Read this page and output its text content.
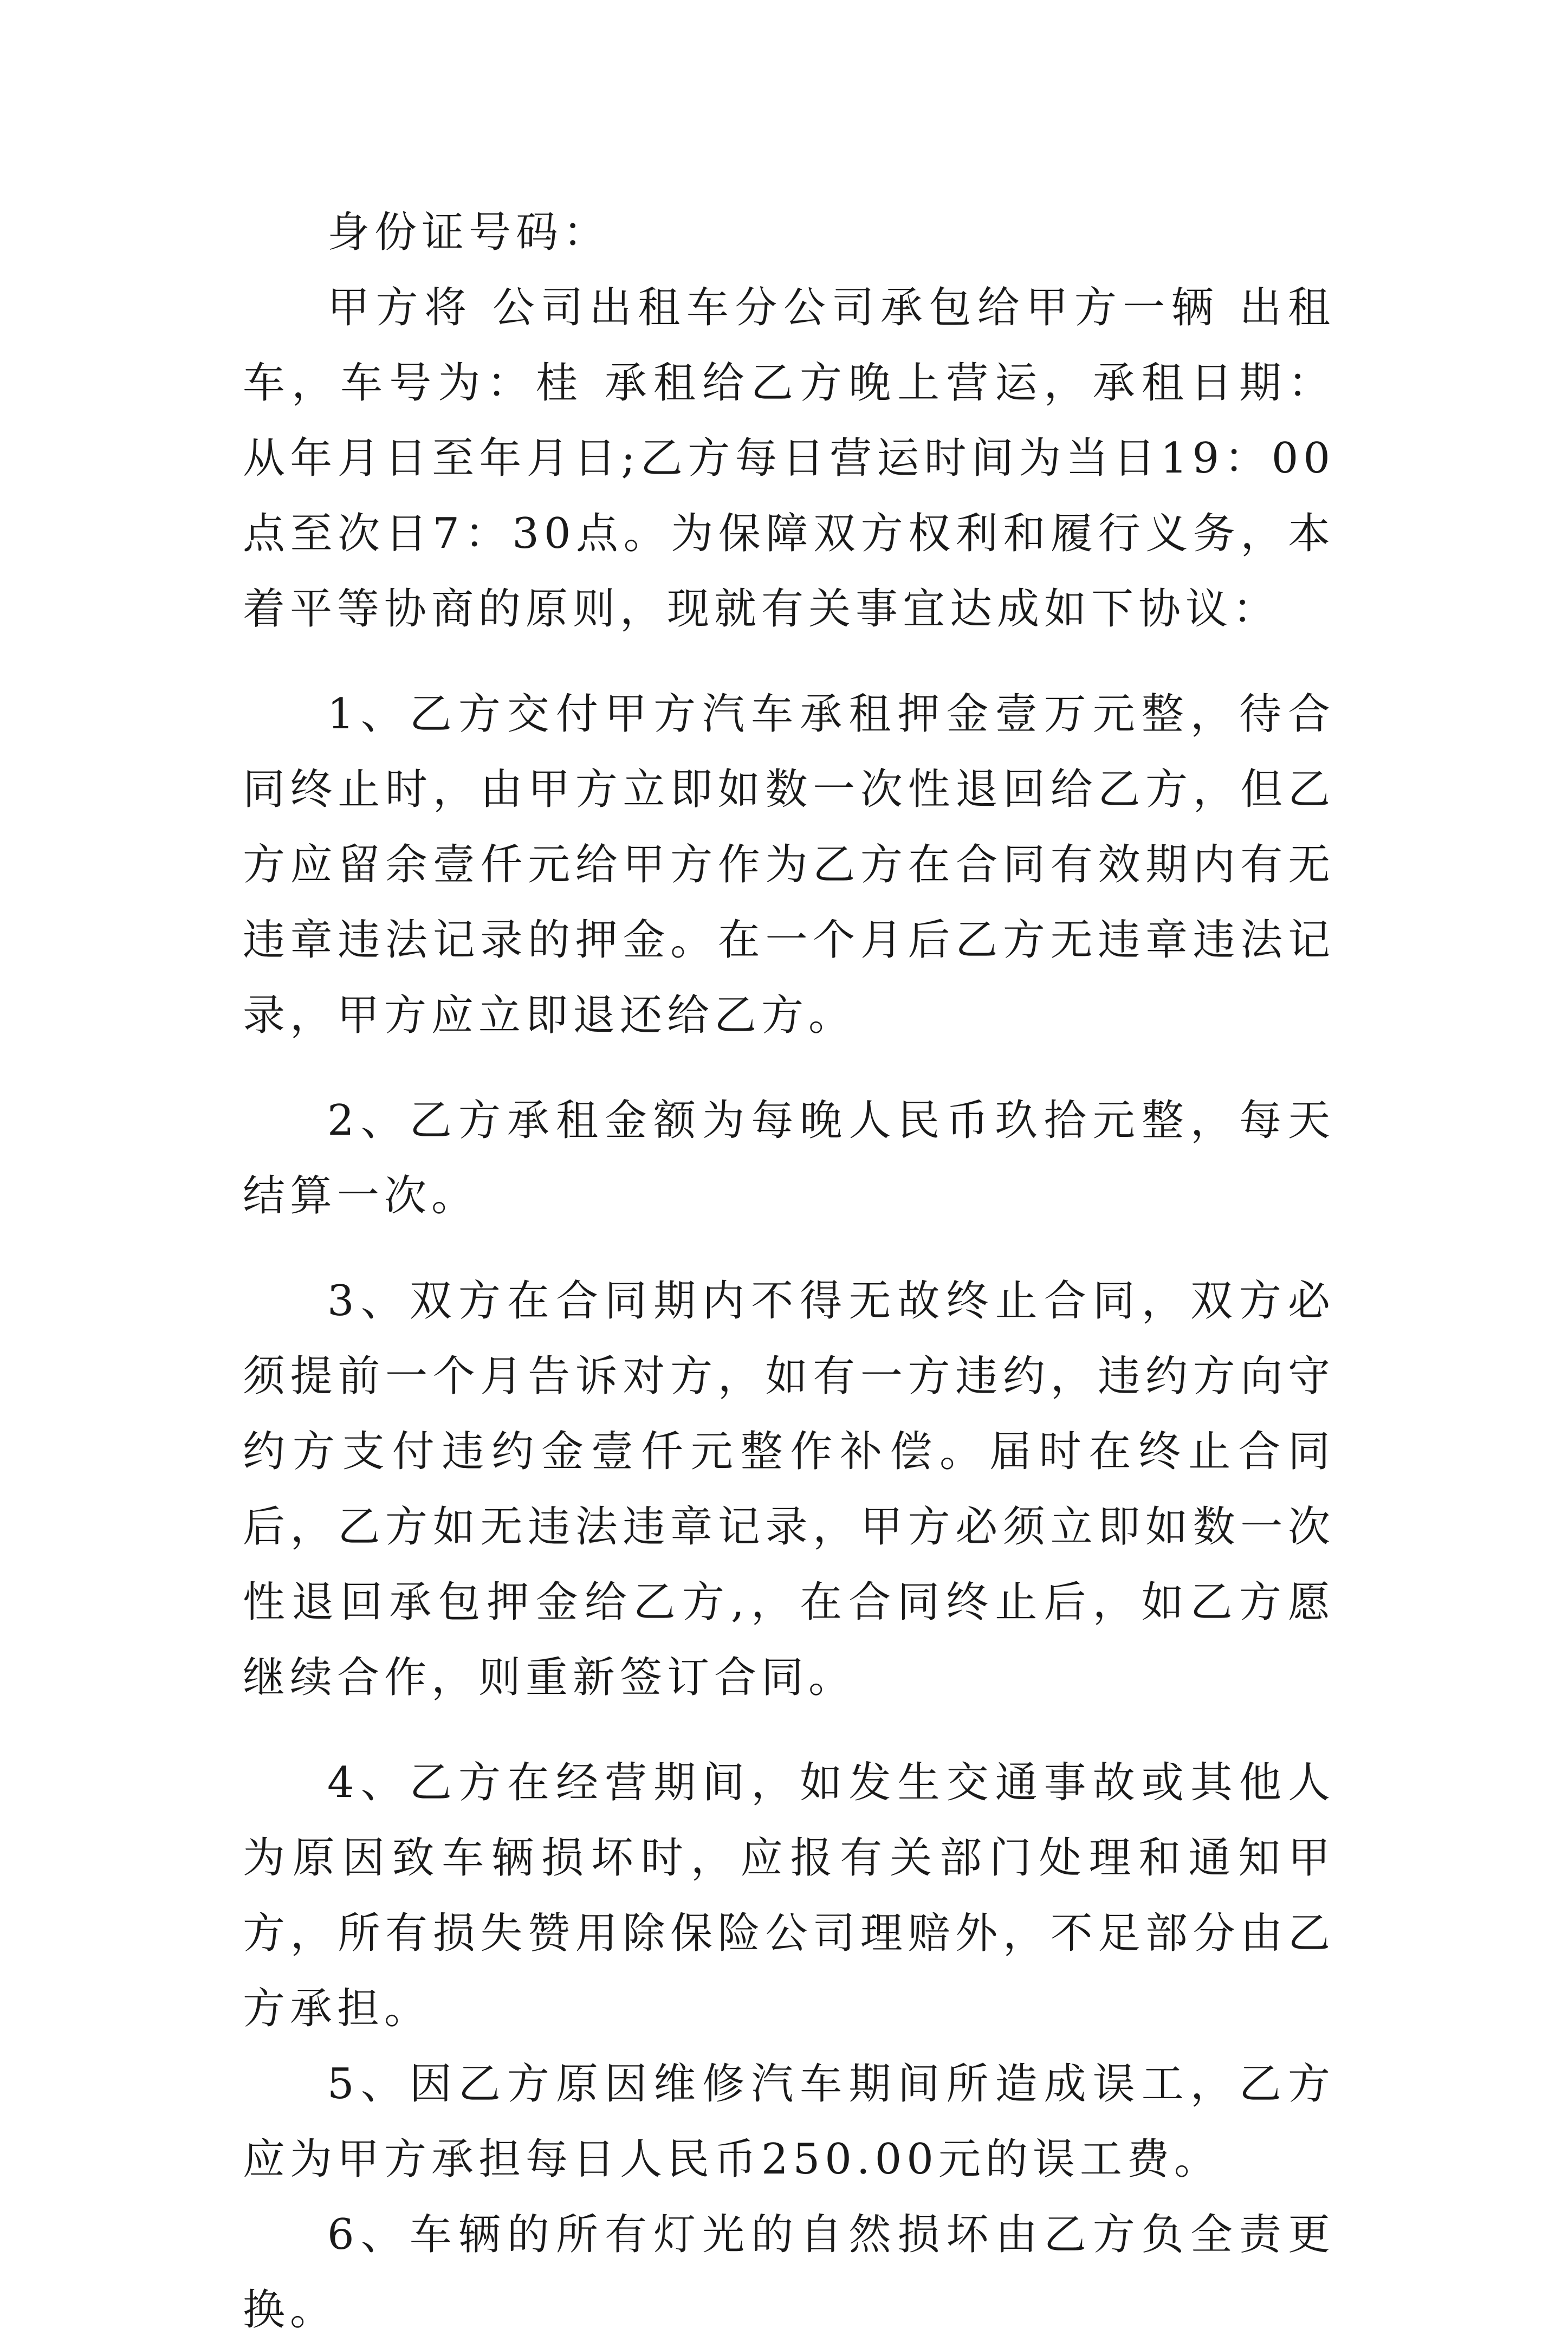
身份证号码：

甲方将 公司出租车分公司承包给甲方一辆 出租车，车号为：桂 承租给乙方晚上营运，承租日期：从年月日至年月日;乙方每日营运时间为当日19：00点至次日7：30点。为保障双方权利和履行义务，本着平等协商的原则，现就有关事宜达成如下协议：

1、乙方交付甲方汽车承租押金壹万元整，待合同终止时，由甲方立即如数一次性退回给乙方，但乙方应留余壹仟元给甲方作为乙方在合同有效期内有无违章违法记录的押金。在一个月后乙方无违章违法记录，甲方应立即退还给乙方。

2、乙方承租金额为每晚人民币玖拾元整，每天结算一次。

3、双方在合同期内不得无故终止合同，双方必须提前一个月告诉对方，如有一方违约，违约方向守约方支付违约金壹仟元整作补偿。届时在终止合同后，乙方如无违法违章记录，甲方必须立即如数一次性退回承包押金给乙方,，在合同终止后，如乙方愿继续合作，则重新签订合同。

4、乙方在经营期间，如发生交通事故或其他人为原因致车辆损坏时，应报有关部门处理和通知甲方，所有损失赞用除保险公司理赔外，不足部分由乙方承担。

5、因乙方原因维修汽车期间所造成误工，乙方应为甲方承担每日人民币250.00元的误工费。

6、车辆的所有灯光的自然损坏由乙方负全责更换。
